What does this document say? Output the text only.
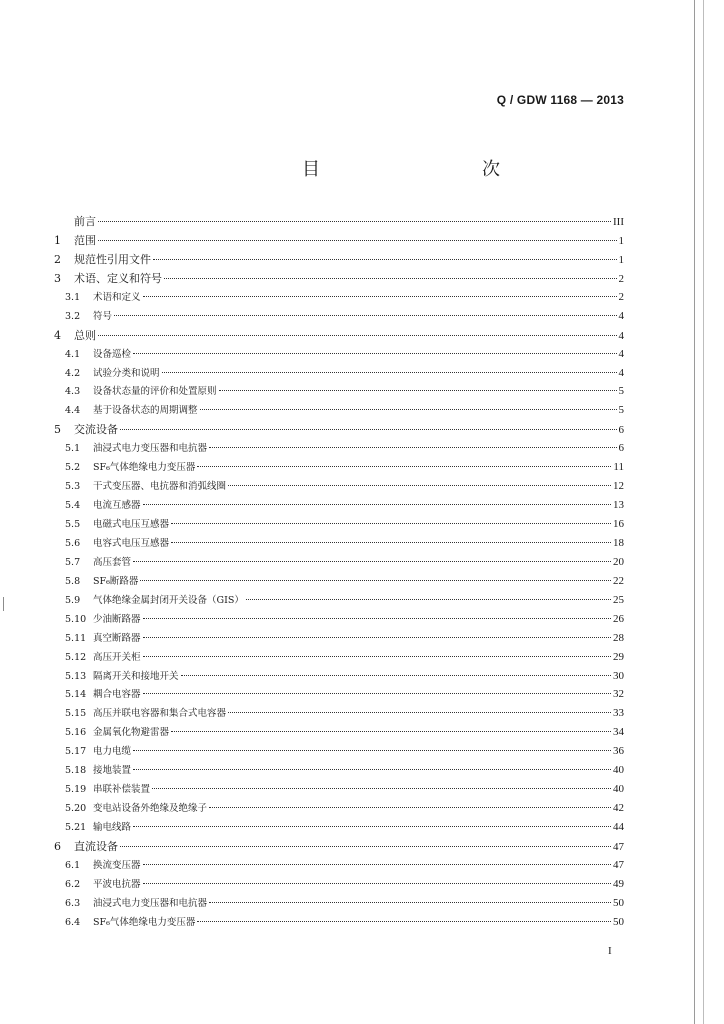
Q / GDW 1168 — 2013
目　　次
前言	III
1	范围	1
2	规范性引用文件	1
3	术语、定义和符号	2
3.1	术语和定义	2
3.2	符号	4
4	总则	4
4.1	设备巡检	4
4.2	试验分类和说明	4
4.3	设备状态量的评价和处置原则	5
4.4	基于设备状态的周期调整	5
5	交流设备	6
5.1	油浸式电力变压器和电抗器	6
5.2	SF₆气体绝缘电力变压器	11
5.3	干式变压器、电抗器和消弧线圈	12
5.4	电流互感器	13
5.5	电磁式电压互感器	16
5.6	电容式电压互感器	18
5.7	高压套管	20
5.8	SF₆断路器	22
5.9	气体绝缘金属封闭开关设备（GIS）	25
5.10 少油断路器	26
5.11 真空断路器	28
5.12 高压开关柜	29
5.13 隔离开关和接地开关	30
5.14 耦合电容器	32
5.15 高压并联电容器和集合式电容器	33
5.16 金属氧化物避雷器	34
5.17 电力电缆	36
5.18 接地装置	40
5.19 串联补偿装置	40
5.20 变电站设备外绝缘及绝缘子	42
5.21 输电线路	44
6	直流设备	47
6.1	换流变压器	47
6.2	平波电抗器	49
6.3	油浸式电力变压器和电抗器	50
6.4	SF₆气体绝缘电力变压器	50
I
